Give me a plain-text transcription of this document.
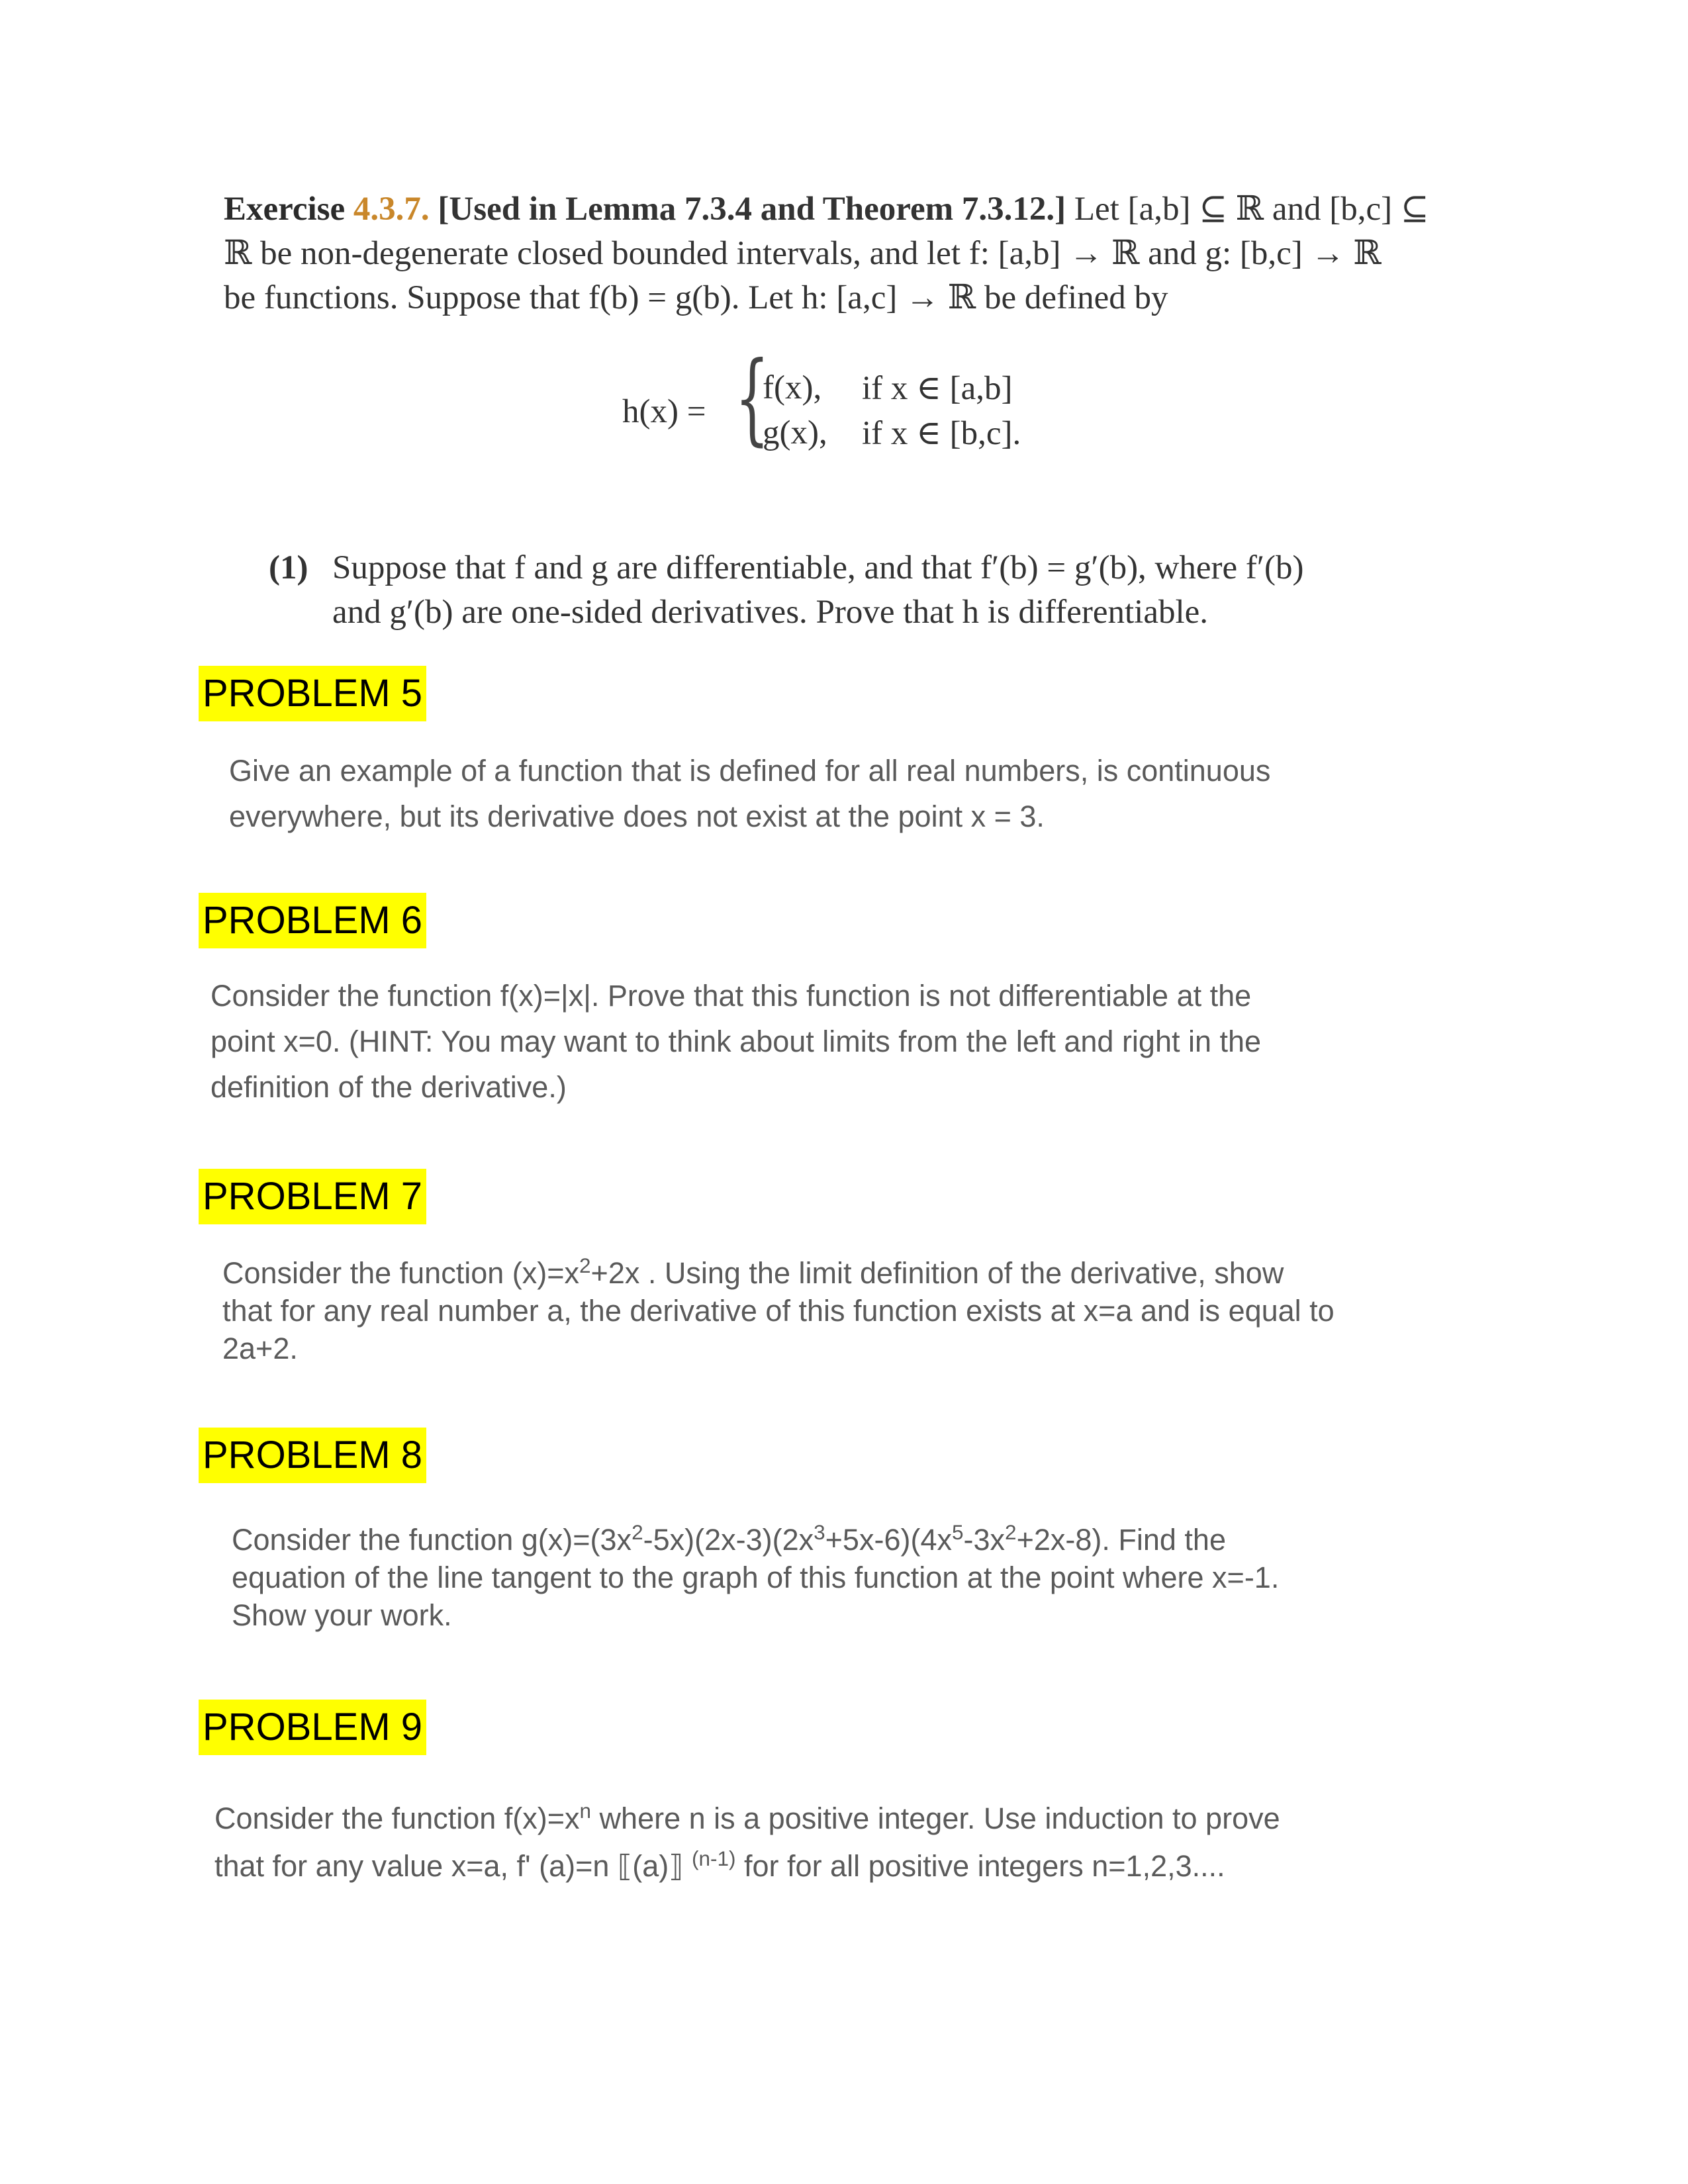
Exercise 4.3.7. [Used in Lemma 7.3.4 and Theorem 7.3.12.] Let [a,b] ⊆ ℝ and [b,c] ⊆
ℝ be non-degenerate closed bounded intervals, and let f: [a,b] → ℝ and g: [b,c] → ℝ
be functions. Suppose that f(b) = g(b). Let h: [a,c] → ℝ be defined by
h(x) = {
f(x), if x ∈ [a,b]
g(x), if x ∈ [b,c].
(1) Suppose that f and g are differentiable, and that f′(b) = g′(b), where f′(b)
and g′(b) are one-sided derivatives. Prove that h is differentiable.
PROBLEM 5
Give an example of a function that is defined for all real numbers, is continuous
everywhere, but its derivative does not exist at the point x = 3.
PROBLEM 6
Consider the function f(x)=|x|. Prove that this function is not differentiable at the
point x=0. (HINT: You may want to think about limits from the left and right in the
definition of the derivative.)
PROBLEM 7
Consider the function $(x)=x^2+2x$ . Using the limit definition of the derivative, show
that for any real number a, the derivative of this function exists at x=a and is equal to
2a+2.
PROBLEM 8
Consider the function $g(x)=(3x^2-5x)(2x-3)(2x^3+5x-6)(4x^5-3x^2+2x-8)$. Find the
equation of the line tangent to the graph of this function at the point where x=-1.
Show your work.
PROBLEM 9
Consider the function $f(x)=x^n$ where n is a positive integer. Use induction to prove
that for any value x=a, f' (a)=n ⟦(a)⟧ $^{(n-1)}$ for for all positive integers n=1,2,3....
